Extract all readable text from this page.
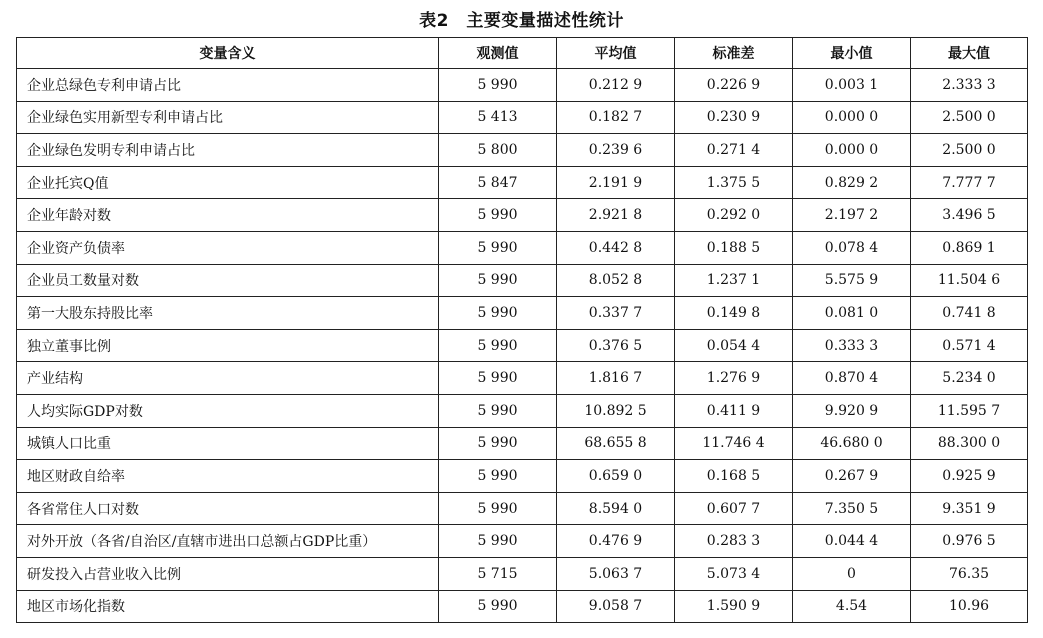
表2　主要变量描述性统计
变量含义	观测值	平均值	标准差	最小值	最大值
企业总绿色专利申请占比	5 990	0.212 9	0.226 9	0.003 1	2.333 3
企业绿色实用新型专利申请占比	5 413	0.182 7	0.230 9	0.000 0	2.500 0
企业绿色发明专利申请占比	5 800	0.239 6	0.271 4	0.000 0	2.500 0
企业托宾Q值	5 847	2.191 9	1.375 5	0.829 2	7.777 7
企业年龄对数	5 990	2.921 8	0.292 0	2.197 2	3.496 5
企业资产负债率	5 990	0.442 8	0.188 5	0.078 4	0.869 1
企业员工数量对数	5 990	8.052 8	1.237 1	5.575 9	11.504 6
第一大股东持股比率	5 990	0.337 7	0.149 8	0.081 0	0.741 8
独立董事比例	5 990	0.376 5	0.054 4	0.333 3	0.571 4
产业结构	5 990	1.816 7	1.276 9	0.870 4	5.234 0
人均实际GDP对数	5 990	10.892 5	0.411 9	9.920 9	11.595 7
城镇人口比重	5 990	68.655 8	11.746 4	46.680 0	88.300 0
地区财政自给率	5 990	0.659 0	0.168 5	0.267 9	0.925 9
各省常住人口对数	5 990	8.594 0	0.607 7	7.350 5	9.351 9
对外开放（各省/自治区/直辖市进出口总额占GDP比重）	5 990	0.476 9	0.283 3	0.044 4	0.976 5
研发投入占营业收入比例	5 715	5.063 7	5.073 4	0	76.35
地区市场化指数	5 990	9.058 7	1.590 9	4.54	10.96
